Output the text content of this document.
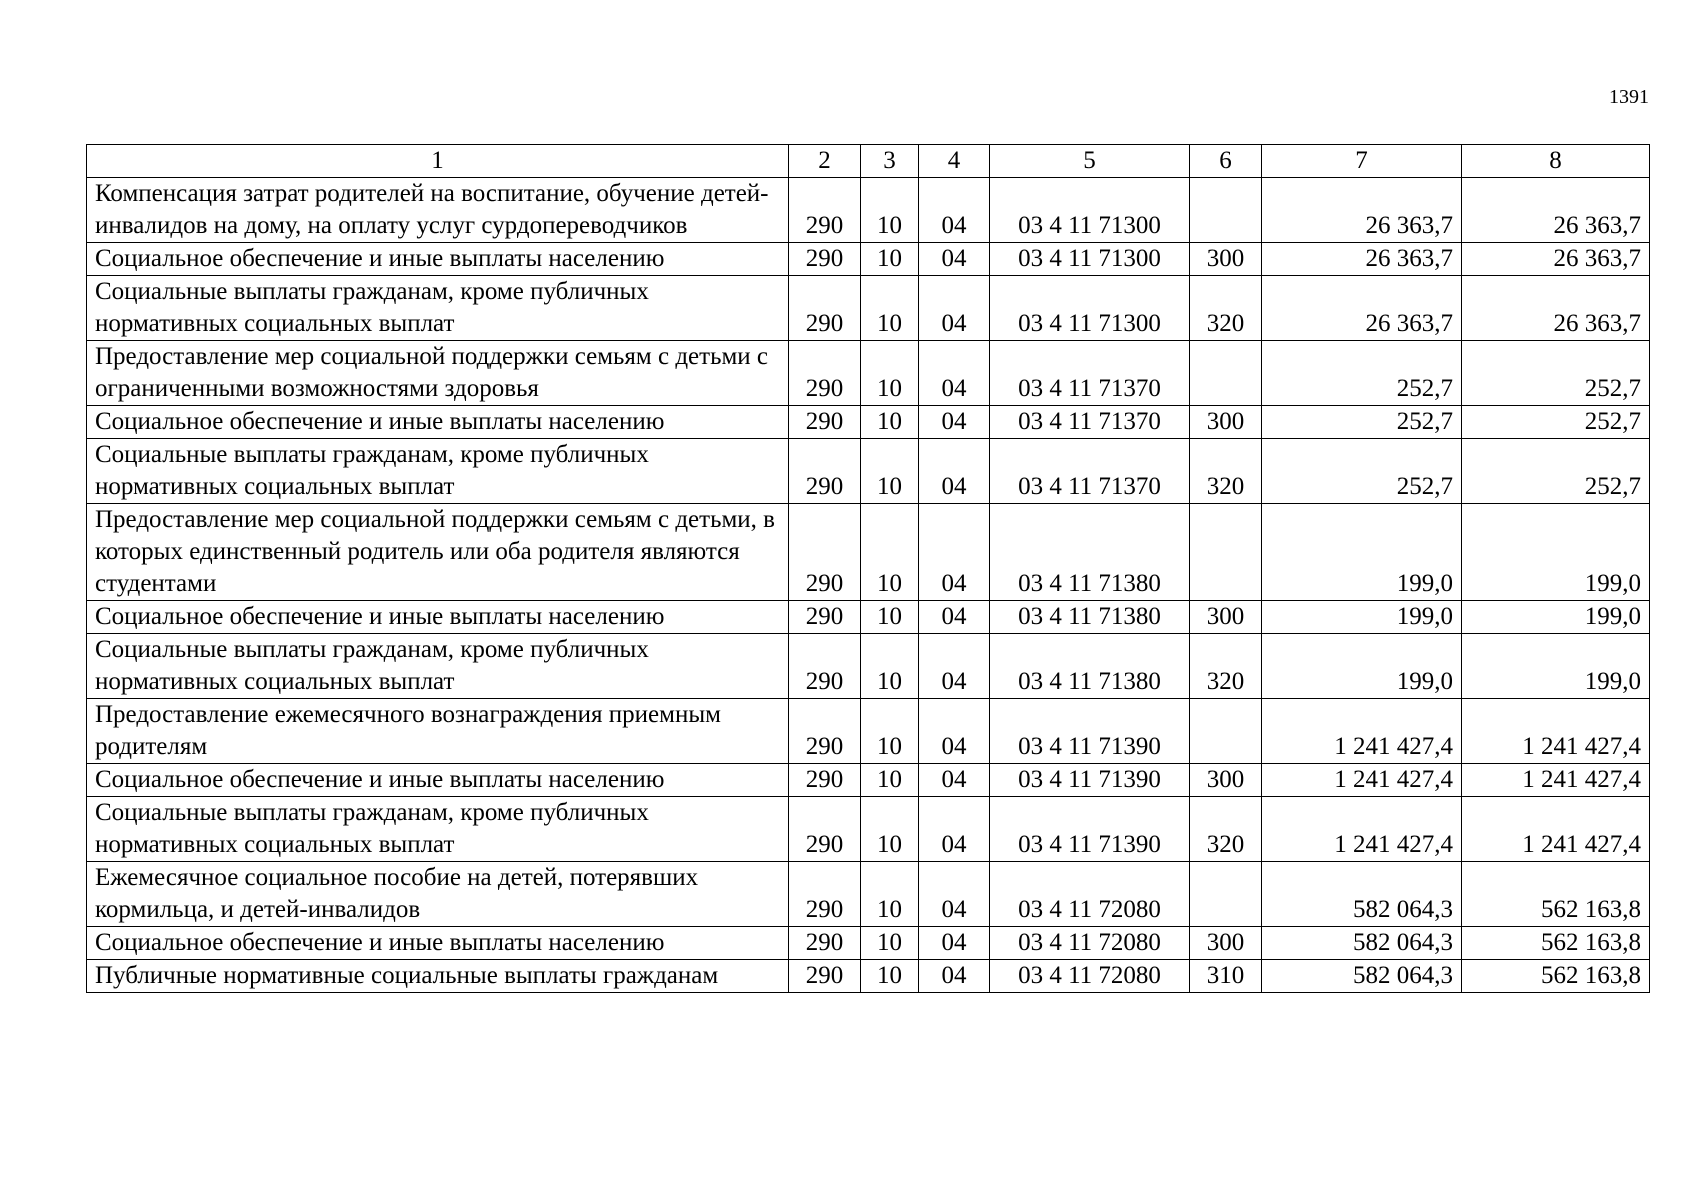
1391
1	2	3	4	5	6	7	8
Компенсация затрат родителей на воспитание, обучение детей-инвалидов на дому, на оплату услуг сурдопереводчиков	290	10	04	03 4 11 71300		26 363,7	26 363,7
Социальное обеспечение и иные выплаты населению	290	10	04	03 4 11 71300	300	26 363,7	26 363,7
Социальные выплаты гражданам, кроме публичных нормативных социальных выплат	290	10	04	03 4 11 71300	320	26 363,7	26 363,7
Предоставление мер социальной поддержки семьям с детьми с ограниченными возможностями здоровья	290	10	04	03 4 11 71370		252,7	252,7
Социальное обеспечение и иные выплаты населению	290	10	04	03 4 11 71370	300	252,7	252,7
Социальные выплаты гражданам, кроме публичных нормативных социальных выплат	290	10	04	03 4 11 71370	320	252,7	252,7
Предоставление мер социальной поддержки семьям с детьми, в которых единственный родитель или оба родителя являются студентами	290	10	04	03 4 11 71380		199,0	199,0
Социальное обеспечение и иные выплаты населению	290	10	04	03 4 11 71380	300	199,0	199,0
Социальные выплаты гражданам, кроме публичных нормативных социальных выплат	290	10	04	03 4 11 71380	320	199,0	199,0
Предоставление ежемесячного вознаграждения приемным родителям	290	10	04	03 4 11 71390		1 241 427,4	1 241 427,4
Социальное обеспечение и иные выплаты населению	290	10	04	03 4 11 71390	300	1 241 427,4	1 241 427,4
Социальные выплаты гражданам, кроме публичных нормативных социальных выплат	290	10	04	03 4 11 71390	320	1 241 427,4	1 241 427,4
Ежемесячное социальное пособие на детей, потерявших кормильца, и детей-инвалидов	290	10	04	03 4 11 72080		582 064,3	562 163,8
Социальное обеспечение и иные выплаты населению	290	10	04	03 4 11 72080	300	582 064,3	562 163,8
Публичные нормативные социальные выплаты гражданам	290	10	04	03 4 11 72080	310	582 064,3	562 163,8
